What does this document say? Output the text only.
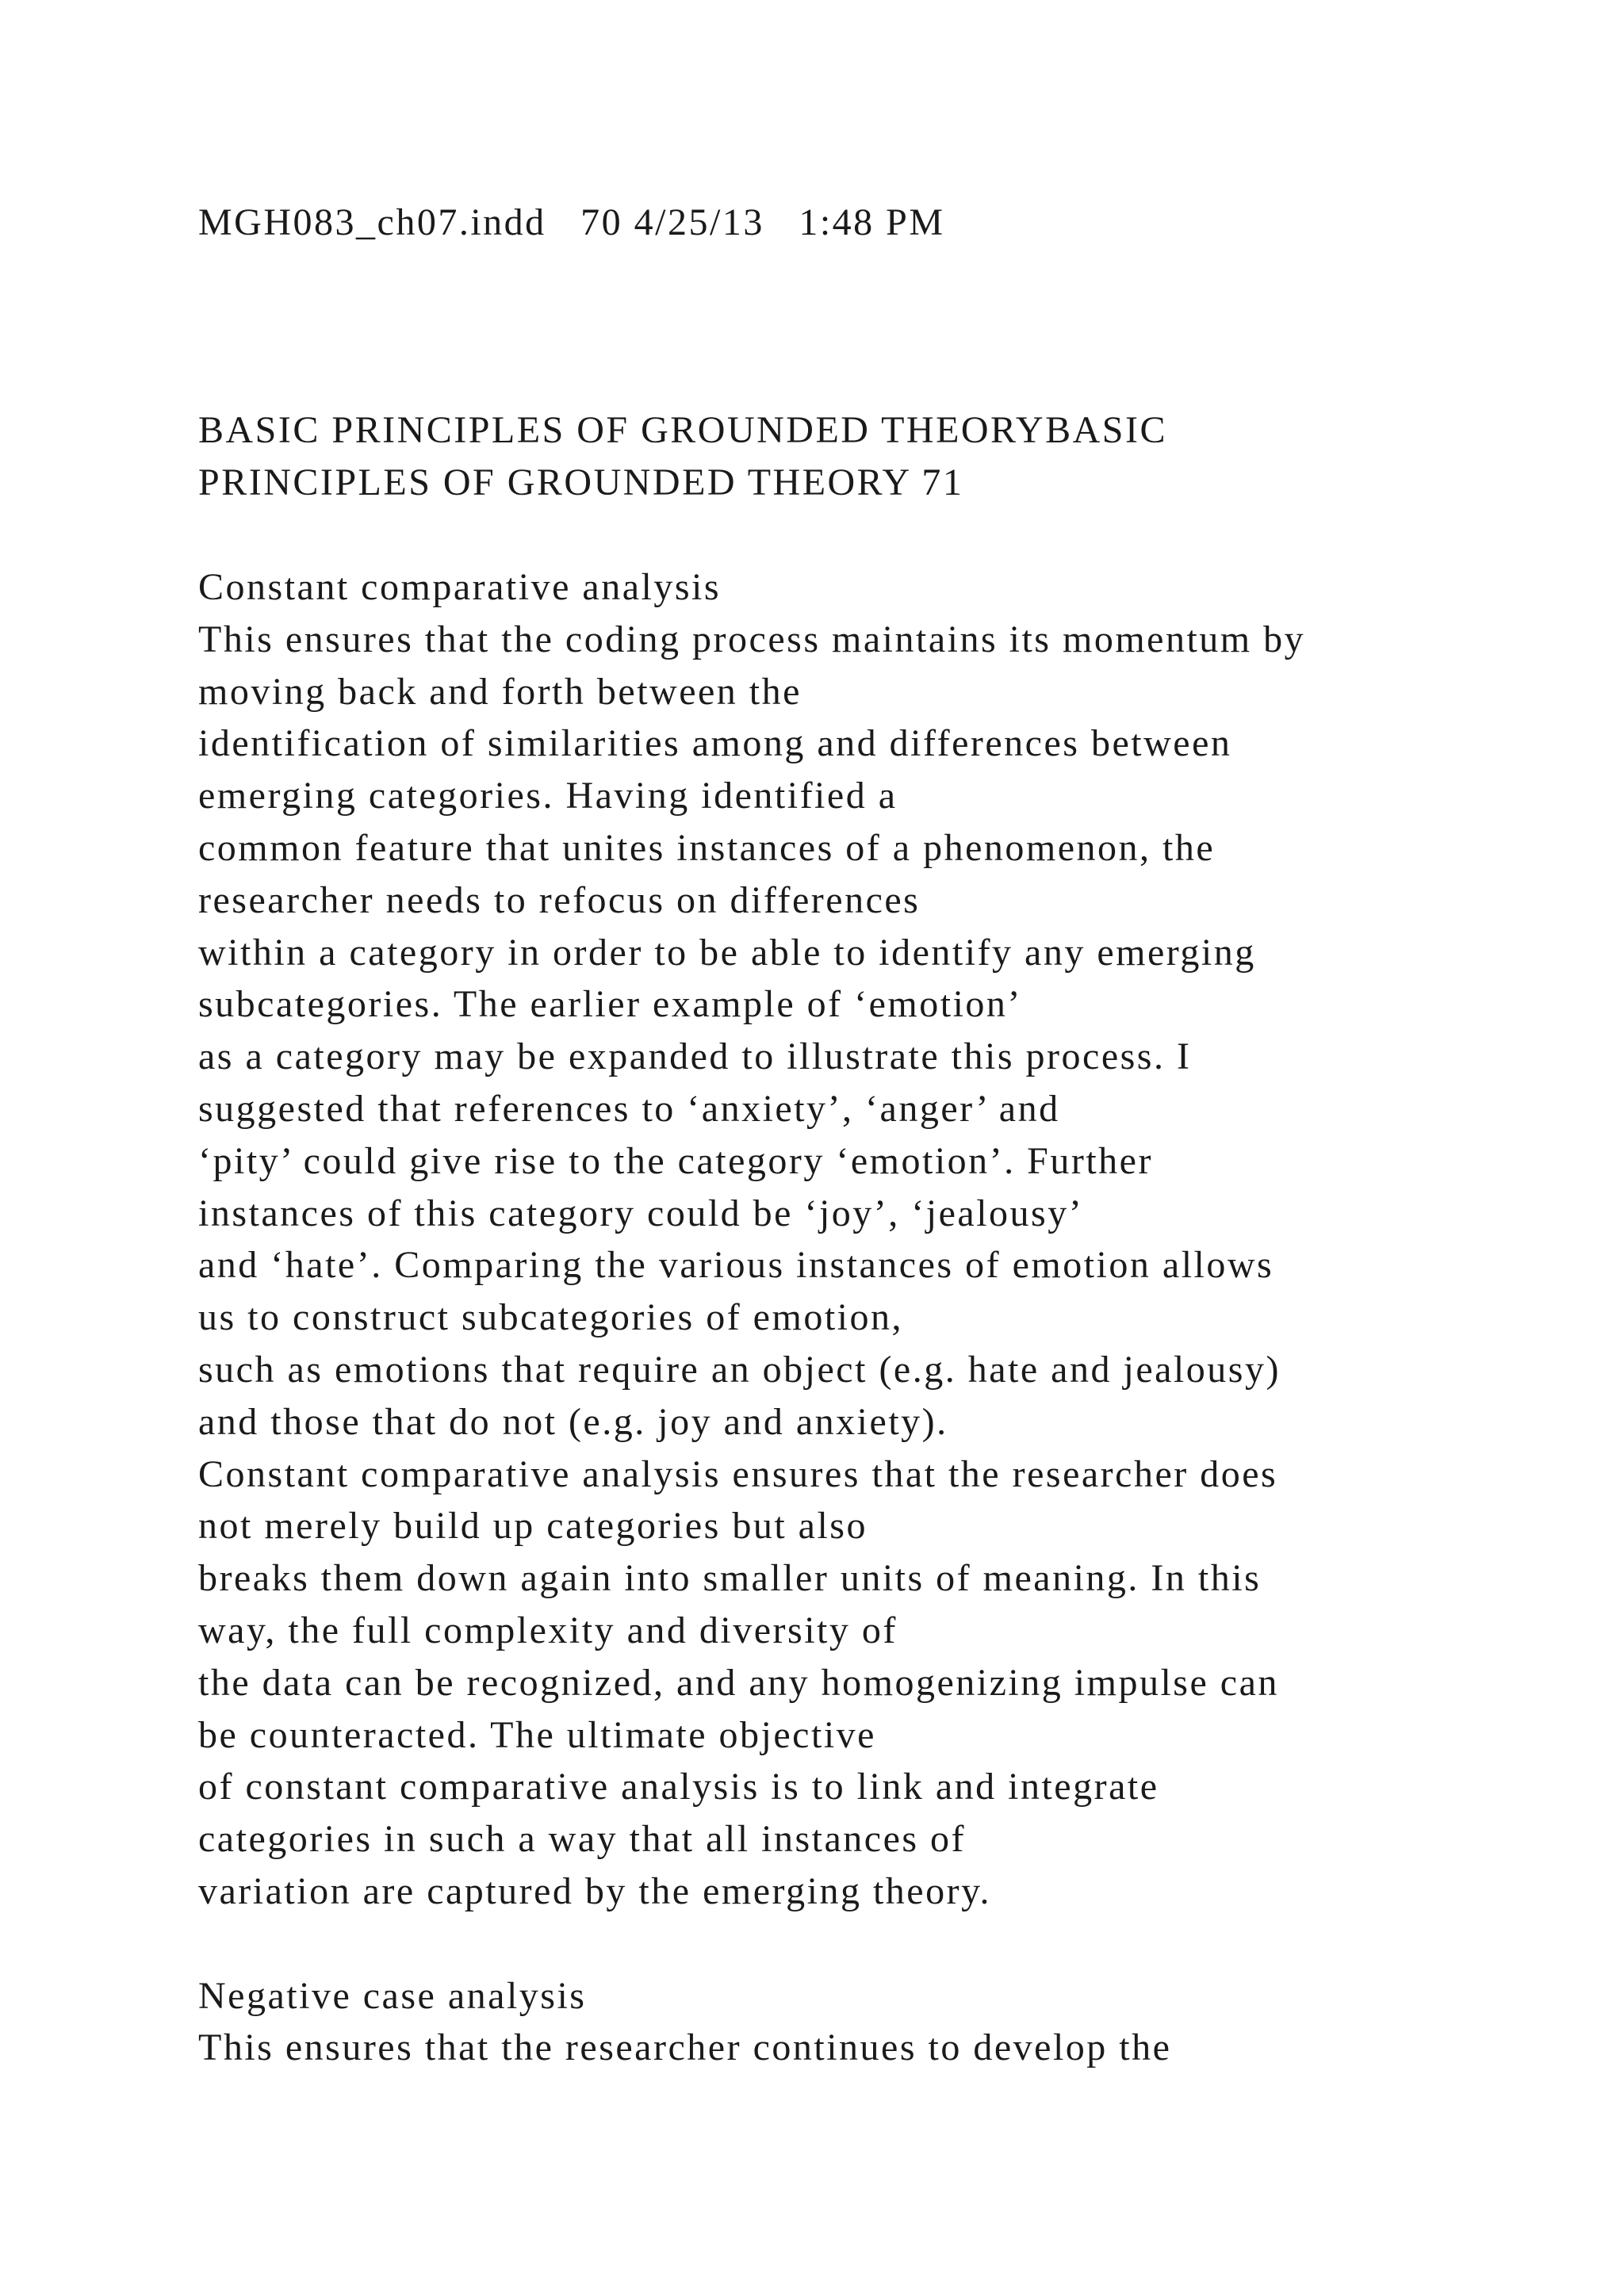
MGH083_ch07.indd   70 4/25/13   1:48 PM
BASIC PRINCIPLES OF GROUNDED THEORYBASIC
PRINCIPLES OF GROUNDED THEORY 71
Constant comparative analysis
This ensures that the coding process maintains its momentum by
moving back and forth between the
identification of similarities among and differences between
emerging categories. Having identified a
common feature that unites instances of a phenomenon, the
researcher needs to refocus on differences
within a category in order to be able to identify any emerging
subcategories. The earlier example of ‘emotion’
as a category may be expanded to illustrate this process. I
suggested that references to ‘anxiety’, ‘anger’ and
‘pity’ could give rise to the category ‘emotion’. Further
instances of this category could be ‘joy’, ‘jealousy’
and ‘hate’. Comparing the various instances of emotion allows
us to construct subcategories of emotion,
such as emotions that require an object (e.g. hate and jealousy)
and those that do not (e.g. joy and anxiety).
Constant comparative analysis ensures that the researcher does
not merely build up categories but also
breaks them down again into smaller units of meaning. In this
way, the full complexity and diversity of
the data can be recognized, and any homogenizing impulse can
be counteracted. The ultimate objective
of constant comparative analysis is to link and integrate
categories in such a way that all instances of
variation are captured by the emerging theory.
Negative case analysis
This ensures that the researcher continues to develop the
